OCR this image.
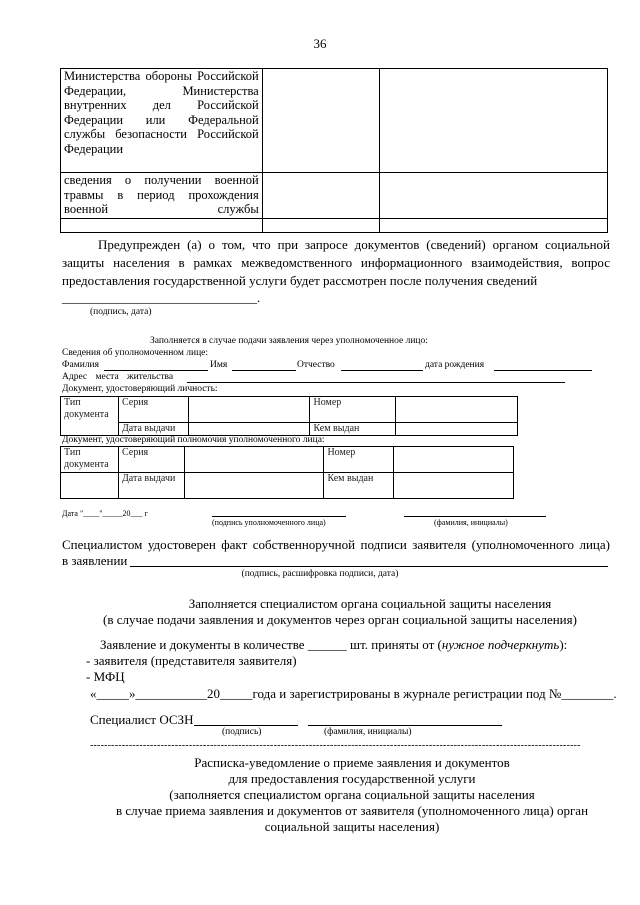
36
Министерства обороны Российской Федерации, Министерства внутренних дел Российской Федерации или Федеральной службы безопасности Российской Федерации		
сведения о получении военной травмы в период прохождения военной службы		

Предупрежден (а) о том, что при запросе документов (сведений) органом социальной защиты населения в рамках межведомственного информационного взаимодействия, вопрос предоставления государственной услуги будет рассмотрен после получения сведений
______________________________.
(подпись, дата)
Заполняется в случае подачи заявления через уполномоченное лицо:
Сведения об уполномоченном лице:
Фамилия	Имя	Отчество	дата рождения
Адрес места жительства
Документ, удостоверяющий личность:
Тип документа	Серия		Номер	
	Дата выдачи		Кем выдан	
Документ, удостоверяющий полномочия уполномоченного лица:
Тип документа	Серия		Номер	
	Дата выдачи		Кем выдан	
Дата "____"_____20___ г
(подпись уполномоченного лица)	(фамилия, инициалы)
Специалистом удостоверен факт собственноручной подписи заявителя (уполномоченного лица)
в заявлении
(подпись, расшифровка подписи, дата)
Заполняется специалистом органа социальной защиты населения
(в случае подачи заявления и документов через орган социальной защиты населения)
Заявление и документы в количестве ______ шт. приняты от (нужное подчеркнуть):
- заявителя (представителя заявителя)
- МФЦ
«_____»___________20_____года и зарегистрированы в журнале регистрации под №________.
Специалист ОСЗН
(подпись)	(фамилия, инициалы)
-------------------------------------------------------------------------------------------------------------------------------------------
Расписка-уведомление о приеме заявления и документов
для предоставления государственной услуги
(заполняется специалистом органа социальной защиты населения
в случае приема заявления и документов от заявителя (уполномоченного лица) орган
социальной защиты населения)
